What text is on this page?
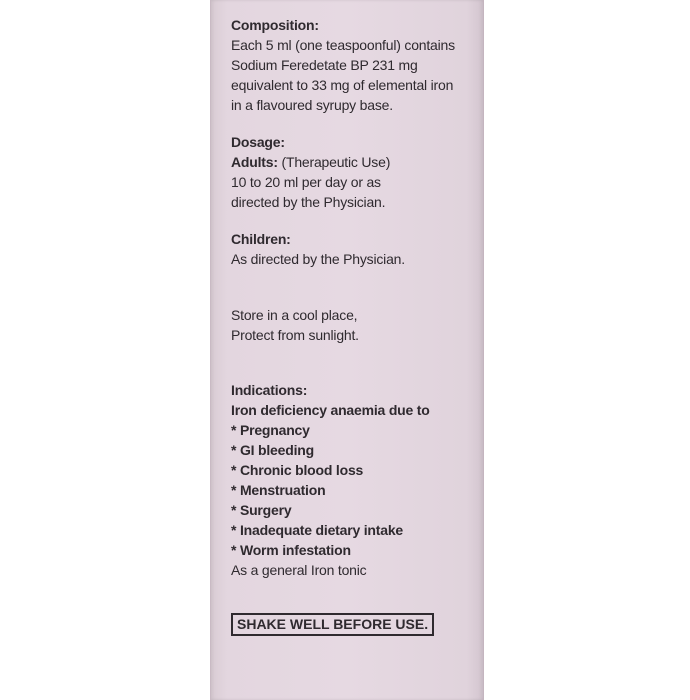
Composition:
Each 5 ml (one teaspoonful) contains
Sodium Feredetate BP 231 mg
equivalent to 33 mg of elemental iron
in a flavoured syrupy base.
Dosage:
Adults: (Therapeutic Use)
10 to 20 ml per day or as
directed by the Physician.
Children:
As directed by the Physician.
Store in a cool place,
Protect from sunlight.
Indications:
Iron deficiency anaemia due to
* Pregnancy
* GI bleeding
* Chronic blood loss
* Menstruation
* Surgery
* Inadequate dietary intake
* Worm infestation
As a general Iron tonic
SHAKE WELL BEFORE USE.
